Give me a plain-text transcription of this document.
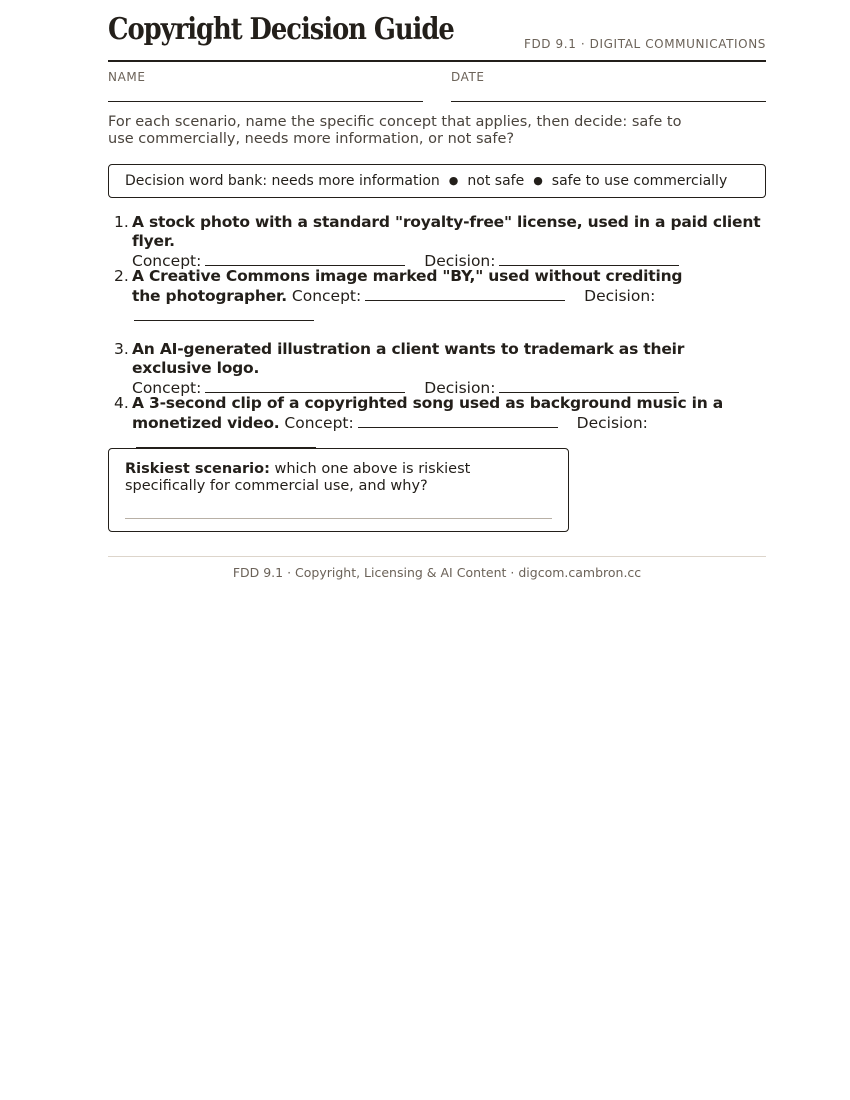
Copyright Decision Guide	FDD 9.1 · DIGITAL COMMUNICATIONS
NAME	DATE

For each scenario, name the specific concept that applies, then decide: safe to use commercially, needs more information, or not safe?

Decision word bank: needs more information ● not safe ● safe to use commercially
1. A stock photo with a standard "royalty-free" license, used in a paid client flyer.
Concept:	Decision:
2. A Creative Commons image marked "BY," used without crediting the photographer. Concept:	Decision:

3. An AI-generated illustration a client wants to trademark as their exclusive logo.
Concept:	Decision:
4. A 3-second clip of a copyrighted song used as background music in a monetized video. Concept:	Decision:
Riskiest scenario: which one above is riskiest specifically for commercial use, and why?
FDD 9.1 · Copyright, Licensing & AI Content · digcom.cambron.cc
